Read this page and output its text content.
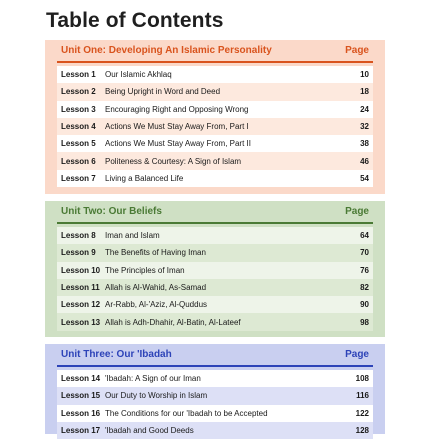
Table of Contents
Unit One: Developing An Islamic Personality	Page
Lesson 1	Our Islamic Akhlaq	10
Lesson 2	Being Upright in Word and Deed	18
Lesson 3	Encouraging Right and Opposing Wrong	24
Lesson 4	Actions We Must Stay Away From, Part I	32
Lesson 5	Actions We Must Stay Away From, Part II	38
Lesson 6	Politeness & Courtesy: A Sign of Islam	46
Lesson 7	Living a Balanced Life	54
Unit Two: Our Beliefs	Page
Lesson 8	Iman and Islam	64
Lesson 9	The Benefits of Having Iman	70
Lesson 10 The Principles of Iman	76
Lesson 11 Allah is Al-Wahid, As-Samad	82
Lesson 12 Ar-Rabb, Al-'Aziz, Al-Quddus	90
Lesson 13 Allah is Adh-Dhahir, Al-Batin, Al-Lateef	98
Unit Three: Our 'Ibadah	Page
Lesson 14 'Ibadah: A Sign of our Iman	108
Lesson 15 Our Duty to Worship in Islam	116
Lesson 16 The Conditions for our 'Ibadah to be Accepted	122
Lesson 17 'Ibadah and Good Deeds	128
